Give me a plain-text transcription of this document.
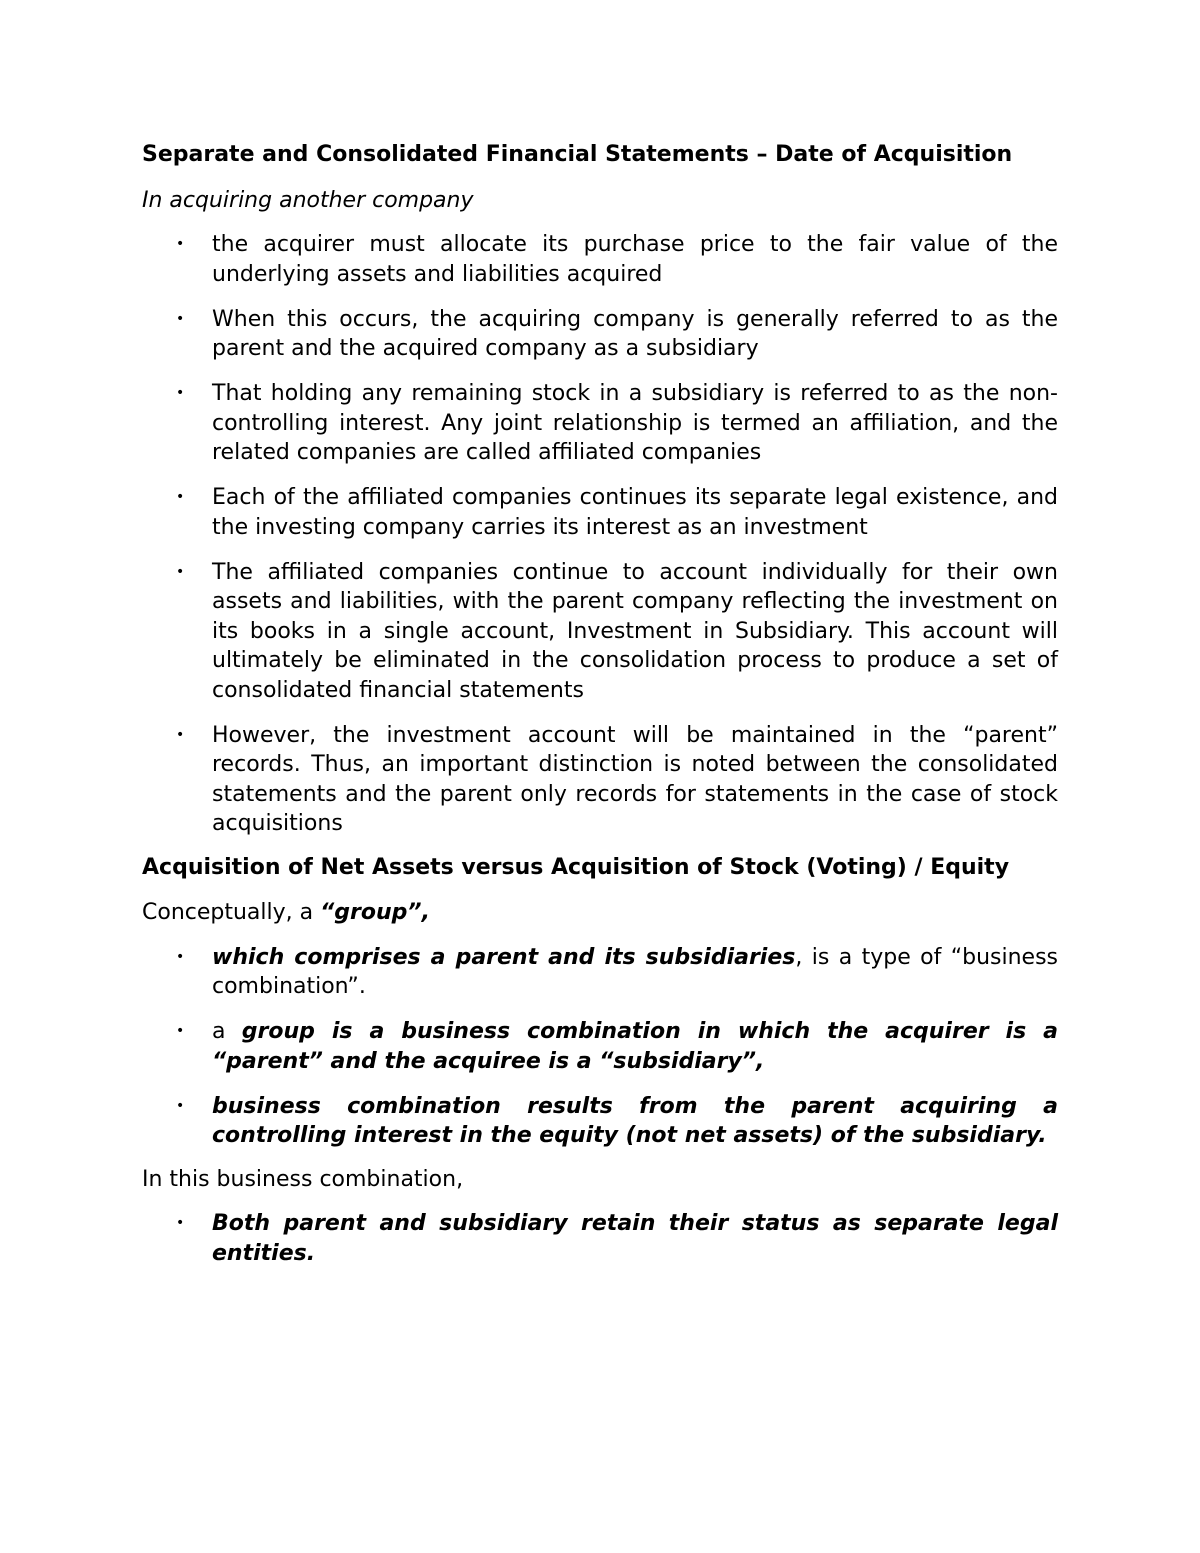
Separate and Consolidated Financial Statements – Date of Acquisition

In acquiring another company

• the acquirer must allocate its purchase price to the fair value of the underlying assets and liabilities acquired
• When this occurs, the acquiring company is generally referred to as the parent and the acquired company as a subsidiary
• That holding any remaining stock in a subsidiary is referred to as the non-controlling interest. Any joint relationship is termed an affiliation, and the related companies are called affiliated companies
• Each of the affiliated companies continues its separate legal existence, and the investing company carries its interest as an investment
• The affiliated companies continue to account individually for their own assets and liabilities, with the parent company reflecting the investment on its books in a single account, Investment in Subsidiary. This account will ultimately be eliminated in the consolidation process to produce a set of consolidated financial statements
• However, the investment account will be maintained in the “parent” records. Thus, an important distinction is noted between the consolidated statements and the parent only records for statements in the case of stock acquisitions

Acquisition of Net Assets versus Acquisition of Stock (Voting) / Equity

Conceptually, a “group”,

• which comprises a parent and its subsidiaries, is a type of “business combination”.
• a group is a business combination in which the acquirer is a “parent” and the acquiree is a “subsidiary”,
• business combination results from the parent acquiring a controlling interest in the equity (not net assets) of the subsidiary.

In this business combination,

• Both parent and subsidiary retain their status as separate legal entities.
